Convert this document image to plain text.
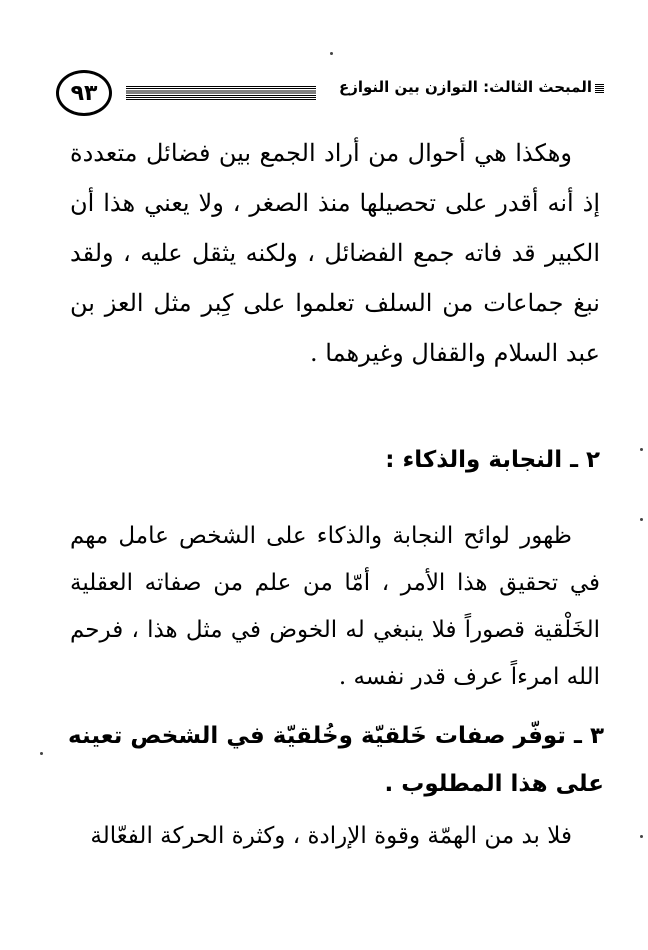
المبحث الثالث: التوازن بين النوازع
٩٣

وهكذا هي أحوال من أراد الجمع بين فضائل متعددة إذ أنه أقدر على تحصيلها منذ الصغر ، ولا يعني هذا أن الكبير قد فاته جمع الفضائل ، ولكنه يثقل عليه ، ولقد نبغ جماعات من السلف تعلموا على كِبر مثل العز بن عبد السلام والقفال وغيرهما .

٢ ـ النجابة والذكاء :

ظهور لوائح النجابة والذكاء على الشخص عامل مهم في تحقيق هذا الأمر ، أمّا من علم من صفاته العقلية الخَلْقية قصوراً فلا ينبغي له الخوض في مثل هذا ، فرحم الله امرءاً عرف قدر نفسه .

٣ ـ توفّر صفات خَلقيّة وخُلقيّة في الشخص تعينه على هذا المطلوب .

فلا بد من الهمّة وقوة الإرادة ، وكثرة الحركة الفعّالة
